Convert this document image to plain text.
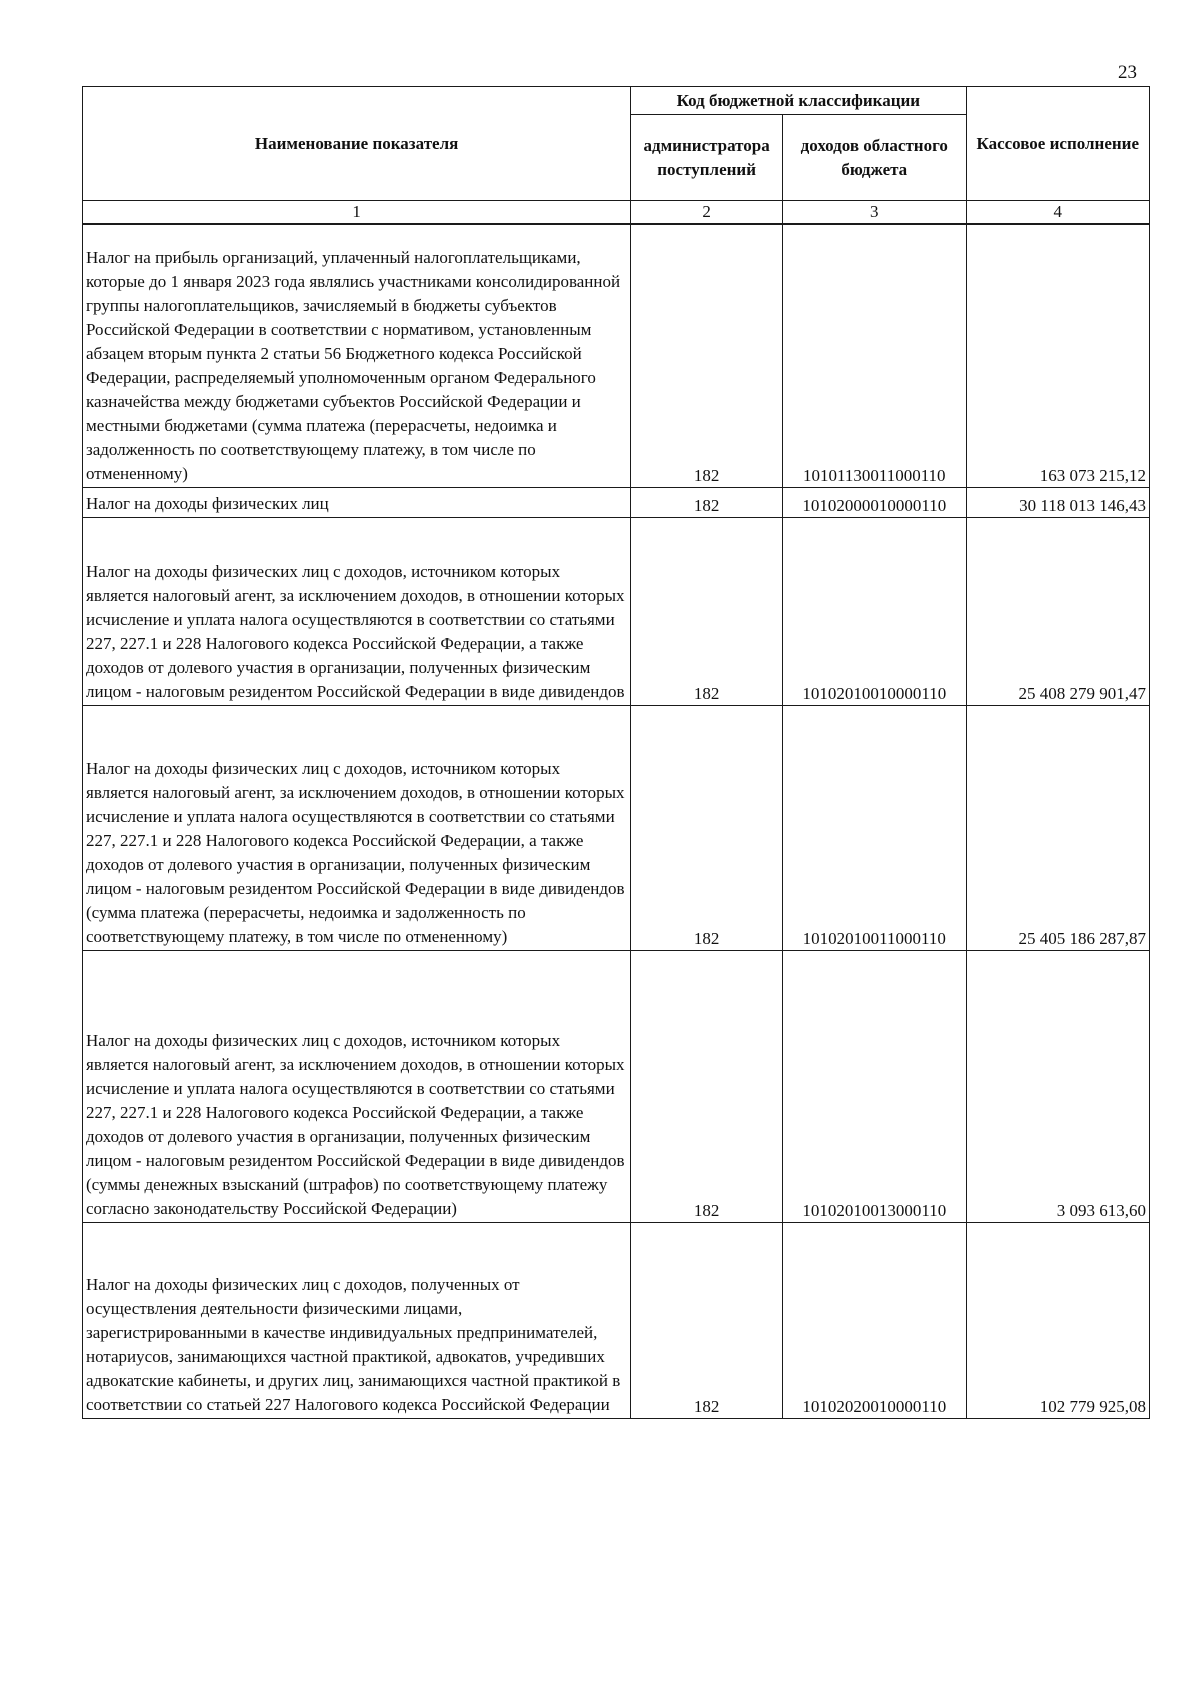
23
Наименование показателя	Код бюджетной классификации		Кассовое исполнение
	администратора поступлений	доходов областного бюджета	
1	2	3	4
Налог на прибыль организаций, уплаченный налогоплательщиками, которые до 1 января 2023 года являлись участниками консолидированной группы налогоплательщиков, зачисляемый в бюджеты субъектов Российской Федерации в соответствии с нормативом, установленным абзацем вторым пункта 2 статьи 56 Бюджетного кодекса Российской Федерации, распределяемый уполномоченным органом Федерального казначейства между бюджетами субъектов Российской Федерации и местными бюджетами (сумма платежа (перерасчеты, недоимка и задолженность по соответствующему платежу, в том числе по отмененному)	182	10101130011000110	163 073 215,12
Налог на доходы физических лиц	182	10102000010000110	30 118 013 146,43
Налог на доходы физических лиц с доходов, источником которых является налоговый агент, за исключением доходов, в отношении которых исчисление и уплата налога осуществляются в соответствии со статьями 227, 227.1 и 228 Налогового кодекса Российской Федерации, а также доходов от долевого участия в организации, полученных физическим лицом - налоговым резидентом Российской Федерации в виде дивидендов	182	10102010010000110	25 408 279 901,47
Налог на доходы физических лиц с доходов, источником которых является налоговый агент, за исключением доходов, в отношении которых исчисление и уплата налога осуществляются в соответствии со статьями 227, 227.1 и 228 Налогового кодекса Российской Федерации, а также доходов от долевого участия в организации, полученных физическим лицом - налоговым резидентом Российской Федерации в виде дивидендов (сумма платежа (перерасчеты, недоимка и задолженность по соответствующему платежу, в том числе по отмененному)	182	10102010011000110	25 405 186 287,87
Налог на доходы физических лиц с доходов, источником которых является налоговый агент, за исключением доходов, в отношении которых исчисление и уплата налога осуществляются в соответствии со статьями 227, 227.1 и 228 Налогового кодекса Российской Федерации, а также доходов от долевого участия в организации, полученных физическим лицом - налоговым резидентом Российской Федерации в виде дивидендов (суммы денежных взысканий (штрафов) по соответствующему платежу согласно законодательству Российской Федерации)	182	10102010013000110	3 093 613,60
Налог на доходы физических лиц с доходов, полученных от осуществления деятельности физическими лицами, зарегистрированными в качестве индивидуальных предпринимателей, нотариусов, занимающихся частной практикой, адвокатов, учредивших адвокатские кабинеты, и других лиц, занимающихся частной практикой в соответствии со статьей 227 Налогового кодекса Российской Федерации	182	10102020010000110	102 779 925,08
